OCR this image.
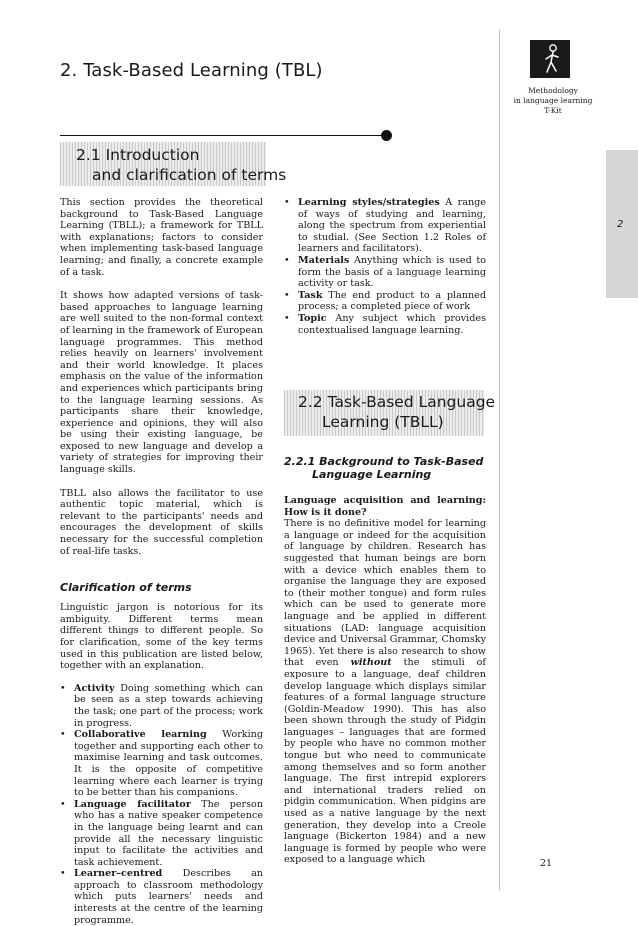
2. Task-Based Learning (TBL)
2.1 Introduction
and clarification of terms

This section provides the theoretical background to Task-Based Language Learning (TBLL); a framework for TBLL with explanations; factors to consider when implementing task-based language learning; and finally, a concrete example of a task.

It shows how adapted versions of task-based approaches to language learning are well suited to the non-formal context of learning in the framework of European language programmes. This method relies heavily on learners' involvement and their world knowledge. It places emphasis on the value of the information and experiences which participants bring to the language learning sessions. As participants share their knowledge, experience and opinions, they will also be using their existing language, be exposed to new language and develop a variety of strategies for improving their language skills.

TBLL also allows the facilitator to use authentic topic material, which is relevant to the participants' needs and encourages the development of skills necessary for the successful completion of real-life tasks.

Clarification of terms

Linguistic jargon is notorious for its ambiguity. Different terms mean different things to different people. So for clarification, some of the key terms used in this publication are listed below, together with an explanation.

• Activity Doing something which can be seen as a step towards achieving the task; one part of the process; work in progress.
• Collaborative learning Working together and supporting each other to maximise learning and task outcomes. It is the opposite of competitive learning where each learner is trying to be better than his companions.
• Language facilitator The person who has a native speaker competence in the language being learnt and can provide all the necessary linguistic input to facilitate the activities and task achievement.
• Learner–centred Describes an approach to classroom methodology which puts learners' needs and interests at the centre of the learning programme.
• Learning styles/strategies A range of ways of studying and learning, along the spectrum from experiential to studial. (See Section 1.2 Roles of learners and facilitators).
• Materials Anything which is used to form the basis of a language learning activity or task.
• Task The end product to a planned process; a completed piece of work
• Topic Any subject which provides contextualised language learning.
2.2 Task-Based Language
Learning (TBLL)
2.2.1 Background to Task-Based
Language Learning

Language acquisition and learning: How is it done?

There is no definitive model for learning a language or indeed for the acquisition of language by children. Research has suggested that human beings are born with a device which enables them to organise the language they are exposed to (their mother tongue) and form rules which can be used to generate more language and be applied in different situations (LAD: language acquisition device and Universal Grammar, Chomsky 1965). Yet there is also research to show that even without the stimuli of exposure to a language, deaf children develop language which displays similar features of a formal language structure (Goldin-Meadow 1990). This has also been shown through the study of Pidgin languages – languages that are formed by people who have no common mother tongue but who need to communicate among themselves and so form another language. The first intrepid explorers and international traders relied on pidgin communication. When pidgins are used as a native language by the next generation, they develop into a Creole language (Bickerton 1984) and a new language is formed by people who were exposed to a language which

Methodology
in language learning
T-Kit
2
21
